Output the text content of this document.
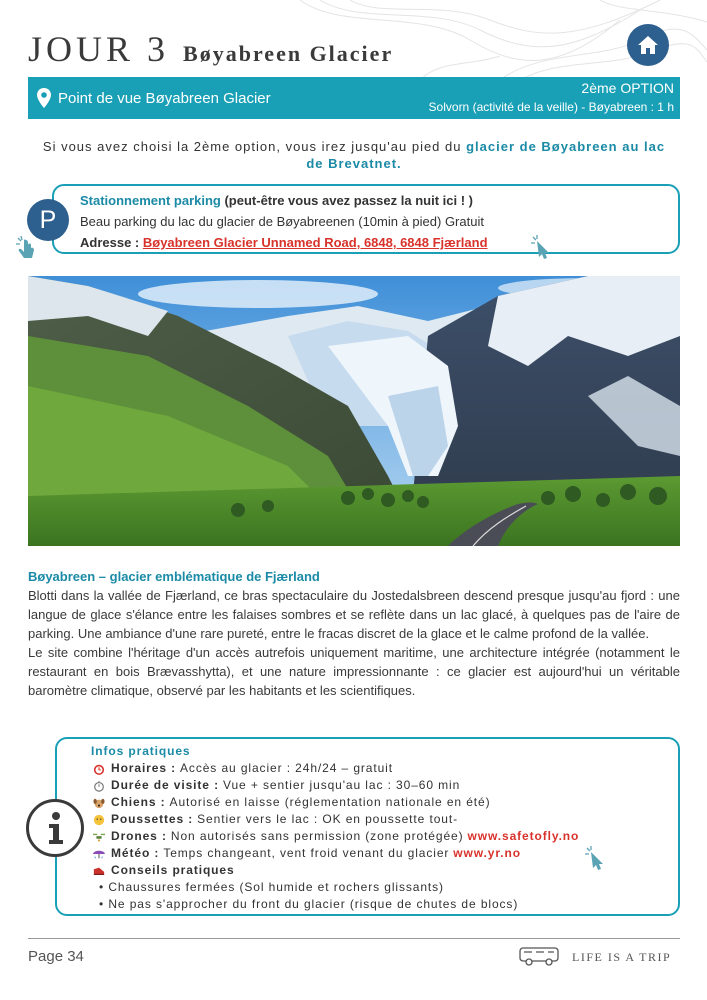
JOUR 3 Bøyabreen Glacier
Point de vue Bøyabreen Glacier
2ème OPTION
Solvorn (activité de la veille) - Bøyabreen : 1 h

Si vous avez choisi la 2ème option, vous irez jusqu'au pied du glacier de Bøyabreen au lac de Brevatnet.

Stationnement parking (peut-être vous avez passez la nuit ici ! )
Beau parking du lac du glacier de Bøyabreenen (10min à pied) Gratuit
Adresse : Bøyabreen Glacier Unnamed Road, 6848, 6848 Fjærland
P
Bøyabreen – glacier emblématique de Fjærland

Blotti dans la vallée de Fjærland, ce bras spectaculaire du Jostedalsbreen descend presque jusqu'au fjord : une langue de glace s'élance entre les falaises sombres et se reflète dans un lac glacé, à quelques pas de l'aire de parking. Une ambiance d'une rare pureté, entre le fracas discret de la glace et le calme profond de la vallée.

Le site combine l'héritage d'un accès autrefois uniquement maritime, une architecture intégrée (notamment le restaurant en bois Brævasshytta), et une nature impressionnante : ce glacier est aujourd'hui un véritable baromètre climatique, observé par les habitants et les scientifiques.

Infos pratiques
Horaires : Accès au glacier : 24h/24 – gratuit
Durée de visite : Vue + sentier jusqu'au lac : 30–60 min
Chiens : Autorisé en laisse (réglementation nationale en été)
Poussettes : Sentier vers le lac : OK en poussette tout-
Drones : Non autorisés sans permission (zone protégée) www.safetofly.no
Météo : Temps changeant, vent froid venant du glacier www.yr.no
Conseils pratiques
• Chaussures fermées (Sol humide et rochers glissants)
• Ne pas s'approcher du front du glacier (risque de chutes de blocs)
Page 34	LIFE IS A TRIP
